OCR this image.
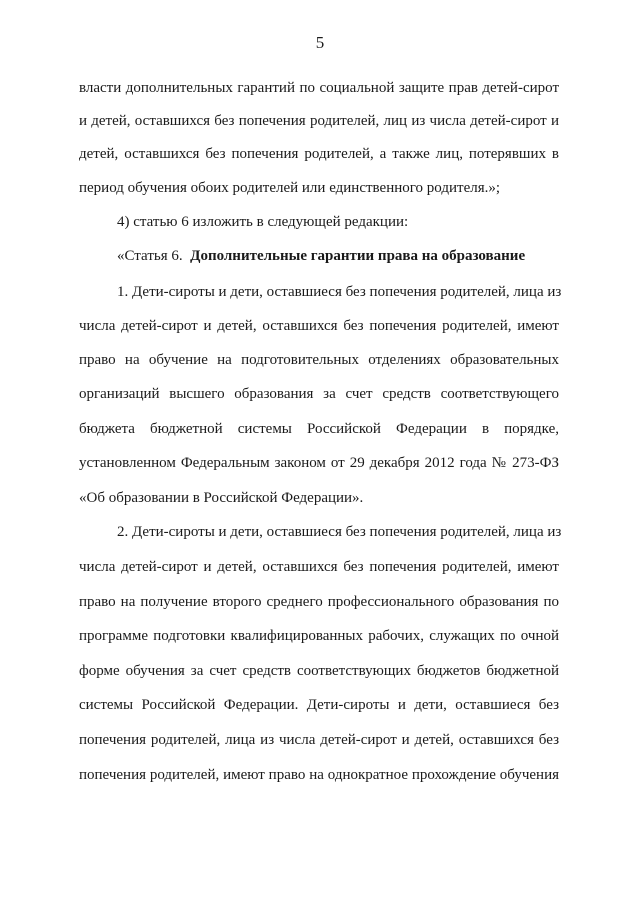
5
власти дополнительных гарантий по социальной защите прав детей-сирот
и детей, оставшихся без попечения родителей, лиц из числа детей-сирот и
детей, оставшихся без попечения родителей, а также лиц, потерявших в
период обучения обоих родителей или единственного родителя.»;
4) статью 6 изложить в следующей редакции:
«Статья 6. Дополнительные гарантии права на образование
1. Дети-сироты и дети, оставшиеся без попечения родителей, лица из
числа детей-сирот и детей, оставшихся без попечения родителей, имеют
право на обучение на подготовительных отделениях образовательных
организаций высшего образования за счет средств соответствующего
бюджета бюджетной системы Российской Федерации в порядке,
установленном Федеральным законом от 29 декабря 2012 года № 273-ФЗ
«Об образовании в Российской Федерации».
2. Дети-сироты и дети, оставшиеся без попечения родителей, лица из
числа детей-сирот и детей, оставшихся без попечения родителей, имеют
право на получение второго среднего профессионального образования по
программе подготовки квалифицированных рабочих, служащих по очной
форме обучения за счет средств соответствующих бюджетов бюджетной
системы Российской Федерации. Дети-сироты и дети, оставшиеся без
попечения родителей, лица из числа детей-сирот и детей, оставшихся без
попечения родителей, имеют право на однократное прохождение обучения
